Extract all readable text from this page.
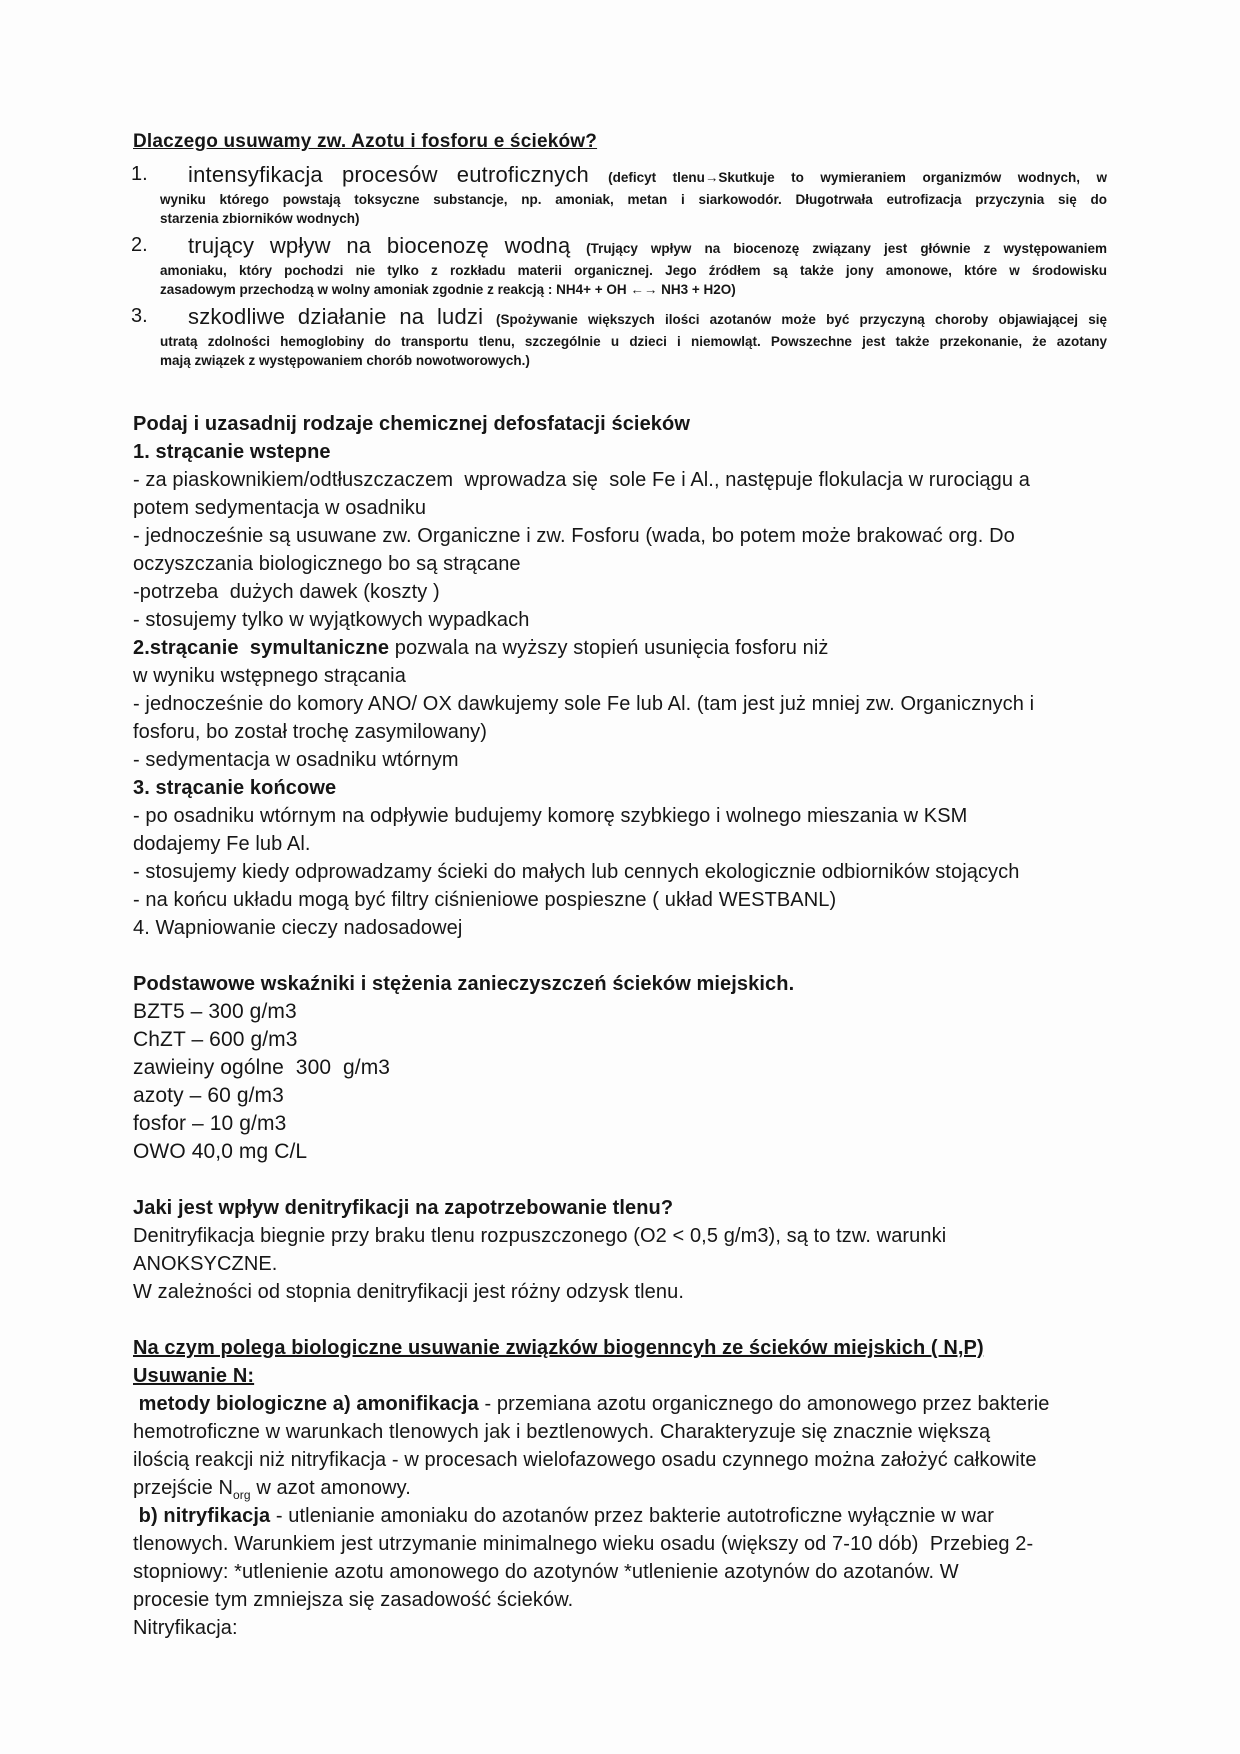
Dlaczego usuwamy zw. Azotu i fosforu e ścieków?
1.	intensyfikacja procesów eutroficznych (deficyt tlenu→Skutkuje to wymieraniem organizmów wodnych, w
wyniku którego powstają toksyczne substancje, np. amoniak, metan i siarkowodór. Długotrwała eutrofizacja przyczynia się do
starzenia zbiorników wodnych)
2.	trujący wpływ na biocenozę wodną (Trujący wpływ na biocenozę związany jest głównie z występowaniem
amoniaku, który pochodzi nie tylko z rozkładu materii organicznej. Jego źródłem są także jony amonowe, które w środowisku
zasadowym przechodzą w wolny amoniak zgodnie z reakcją : NH4+ + OH ←→ NH3 + H2O)
3.	szkodliwe działanie na ludzi (Spożywanie większych ilości azotanów może być przyczyną choroby objawiającej się
utratą zdolności hemoglobiny do transportu tlenu, szczególnie u dzieci i niemowląt. Powszechne jest także przekonanie, że azotany
mają związek z występowaniem chorób nowotworowych.)
Podaj i uzasadnij rodzaje chemicznej defosfatacji ścieków
1. strącanie wstepne
- za piaskownikiem/odtłuszczaczem  wprowadza się  sole Fe i Al., następuje flokulacja w rurociągu a
potem sedymentacja w osadniku
- jednocześnie są usuwane zw. Organiczne i zw. Fosforu (wada, bo potem może brakować org. Do
oczyszczania biologicznego bo są strącane
-potrzeba  dużych dawek (koszty )
- stosujemy tylko w wyjątkowych wypadkach
2.strącanie  symultaniczne pozwala na wyższy stopień usunięcia fosforu niż
w wyniku wstępnego strącania
- jednocześnie do komory ANO/ OX dawkujemy sole Fe lub Al. (tam jest już mniej zw. Organicznych i
fosforu, bo został trochę zasymilowany)
- sedymentacja w osadniku wtórnym
3. strącanie końcowe
- po osadniku wtórnym na odpływie budujemy komorę szybkiego i wolnego mieszania w KSM
dodajemy Fe lub Al.
- stosujemy kiedy odprowadzamy ścieki do małych lub cennych ekologicznie odbiorników stojących
- na końcu układu mogą być filtry ciśnieniowe pospieszne ( układ WESTBANL)
4. Wapniowanie cieczy nadosadowej
Podstawowe wskaźniki i stężenia zanieczyszczeń ścieków miejskich.
BZT5 – 300 g/m3
ChZT – 600 g/m3
zawieiny ogólne  300  g/m3
azoty – 60 g/m3
fosfor – 10 g/m3
OWO 40,0 mg C/L
Jaki jest wpływ denitryfikacji na zapotrzebowanie tlenu?
Denitryfikacja biegnie przy braku tlenu rozpuszczonego (O2 < 0,5 g/m3), są to tzw. warunki
ANOKSYCZNE.
W zależności od stopnia denitryfikacji jest różny odzysk tlenu.
Na czym polega biologiczne usuwanie związków biogenncyh ze ścieków miejskich ( N,P)
Usuwanie N:
metody biologiczne a) amonifikacja - przemiana azotu organicznego do amonowego przez bakterie
hemotroficzne w warunkach tlenowych jak i beztlenowych. Charakteryzuje się znacznie większą
ilością reakcji niż nitryfikacja - w procesach wielofazowego osadu czynnego można założyć całkowite
przejście $N_{org}$ w azot amonowy.
b) nitryfikacja - utlenianie amoniaku do azotanów przez bakterie autotroficzne wyłącznie w war
tlenowych. Warunkiem jest utrzymanie minimalnego wieku osadu (większy od 7-10 dób)  Przebieg 2-
stopniowy: *utlenienie azotu amonowego do azotynów *utlenienie azotynów do azotanów. W
procesie tym zmniejsza się zasadowość ścieków.
Nitryfikacja:
